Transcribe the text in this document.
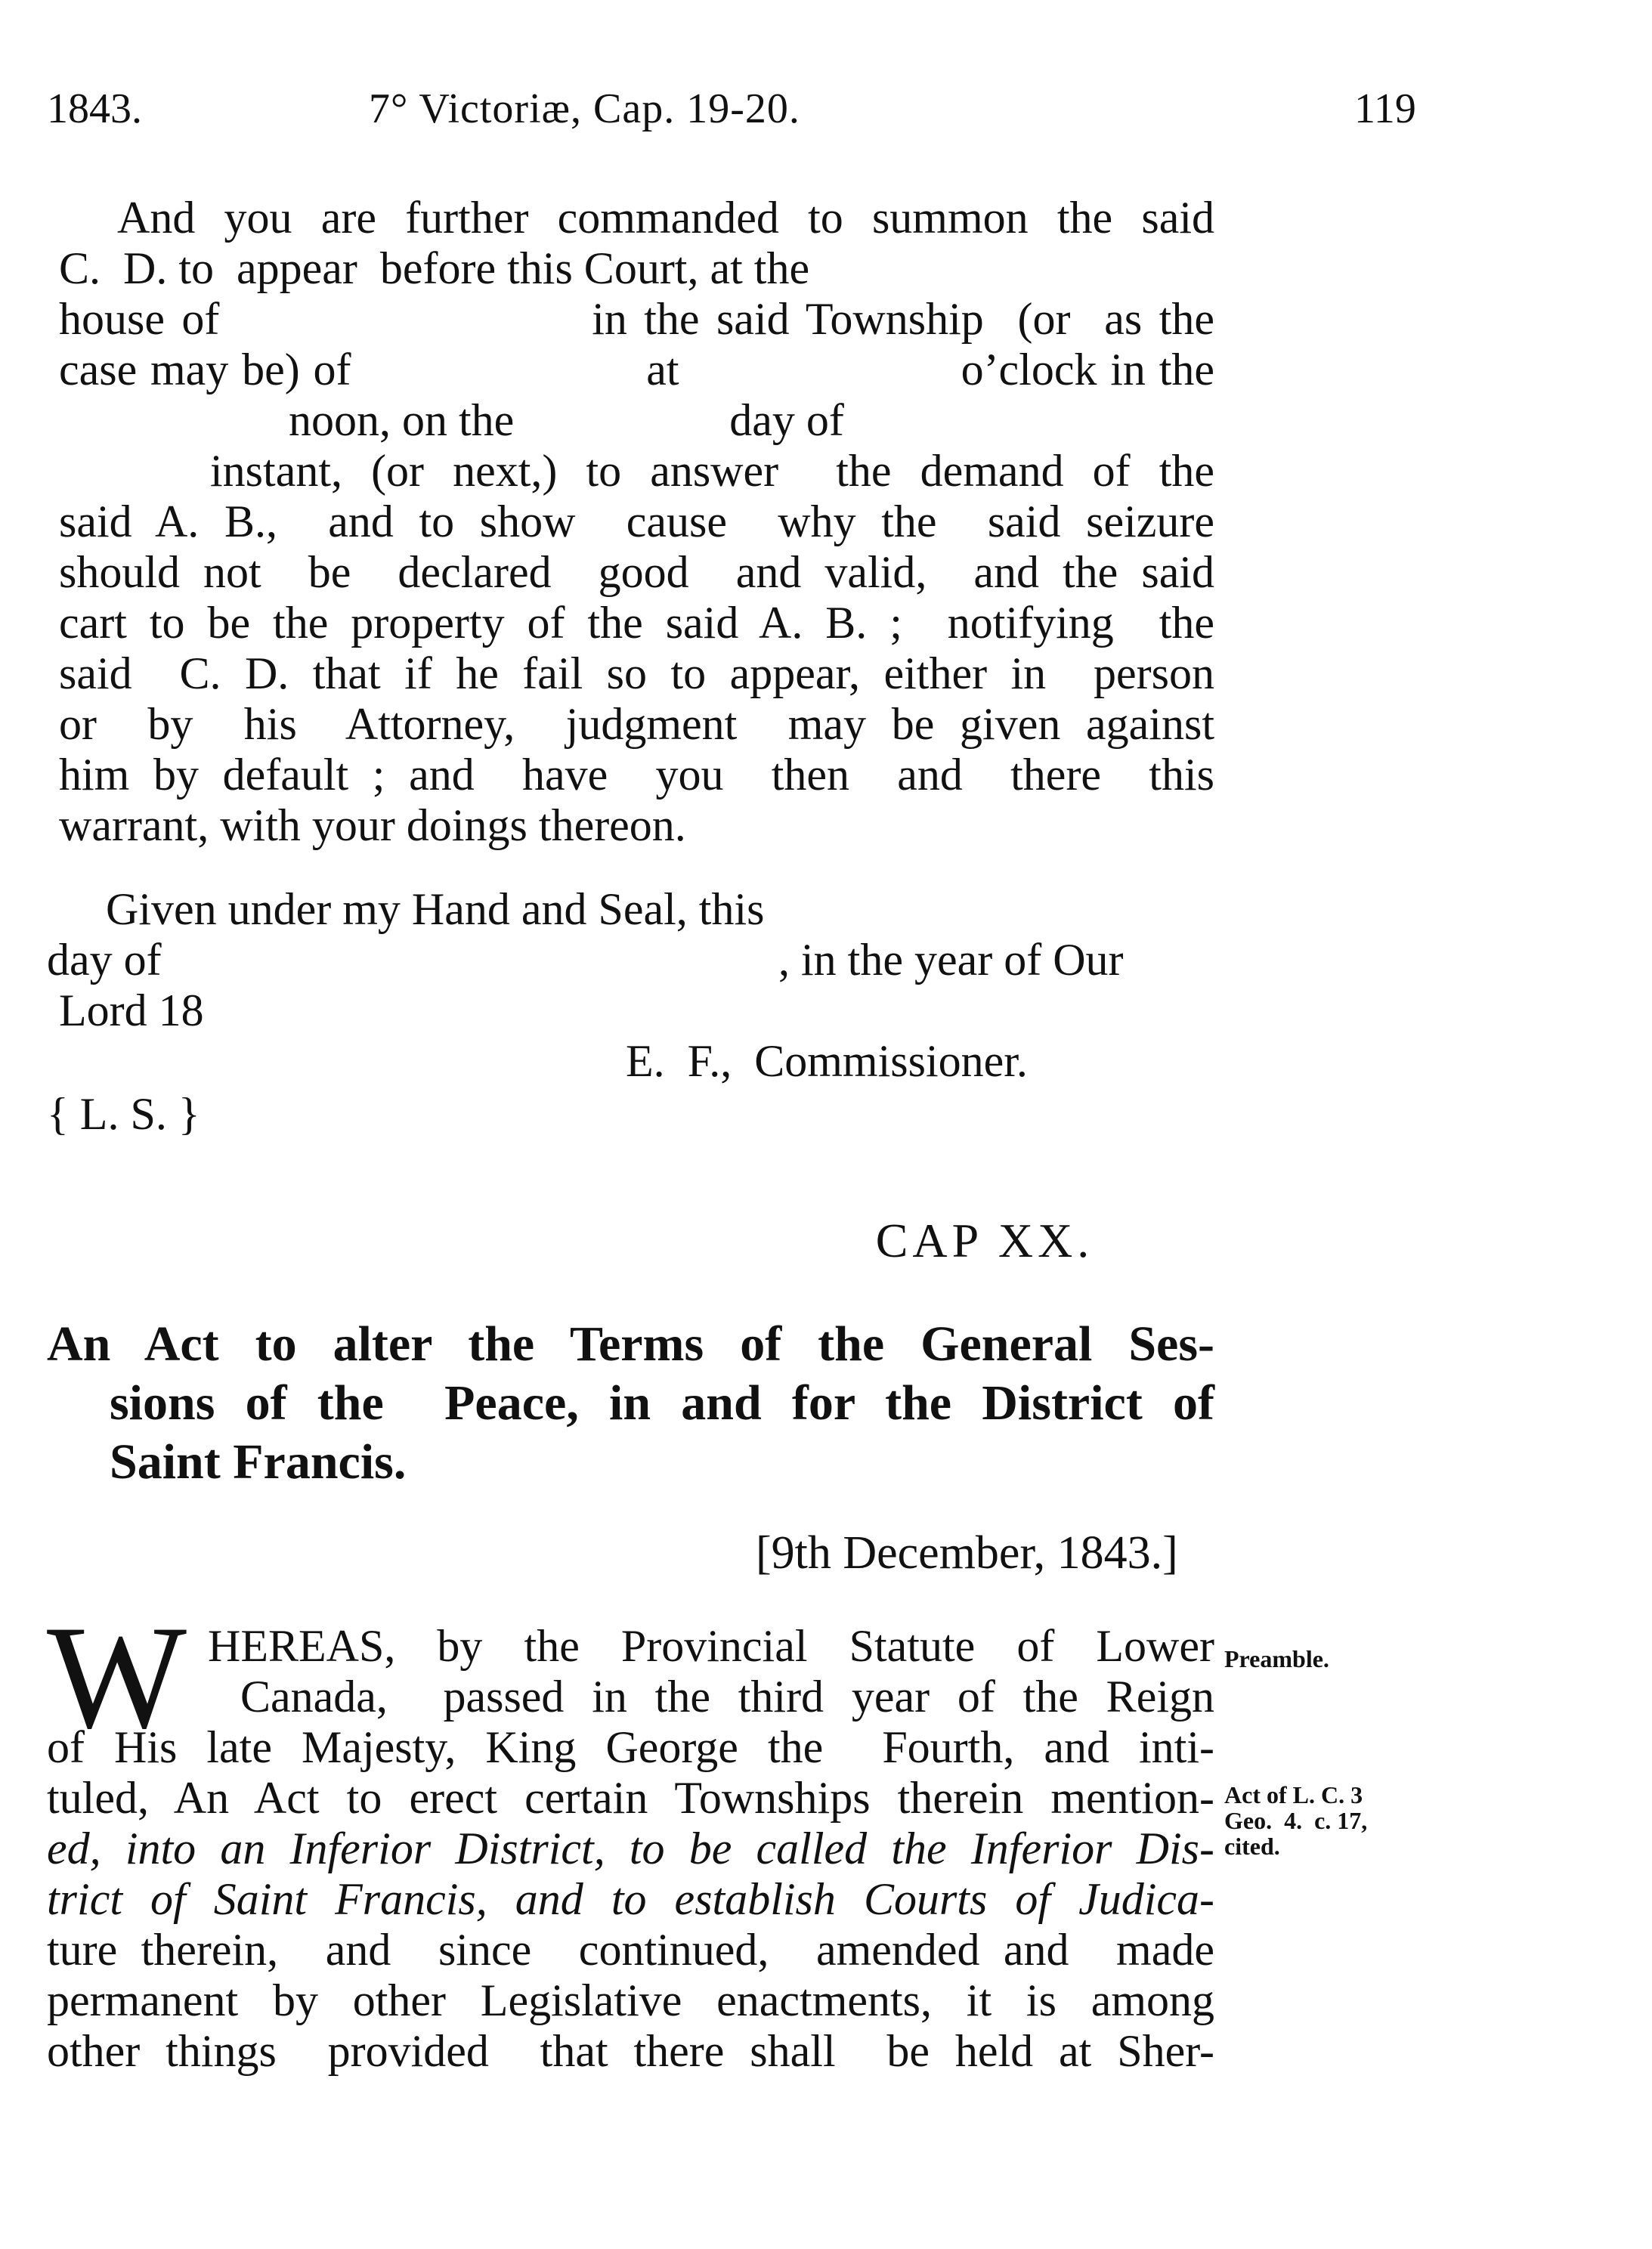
1843.	7° Victoriæ, Cap. 19-20.	119
And you are further commanded to summon the said
C.  D. to  appear  before this Court, at the
house of                      in the said Township  (or  as the
case may be) of                      at                     o’clock in the
noon, on the                   day of
instant, (or next,) to answer  the demand of the
said A. B.,  and to show  cause  why the  said seizure
should not  be  declared  good  and valid,  and the said
cart to be the property of the said A. B. ;  notifying  the
said  C. D. that if he fail so to appear, either in  person
or  by  his  Attorney,  judgment  may be given against
him by default ; and  have  you  then  and  there  this
warrant, with your doings thereon.
Given under my Hand and Seal, this
day of	, in the year of Our
Lord 18
E.  F.,  Commissioner.
{ L. S. }
CAP XX.
An Act to alter the Terms of the General Ses-
sions of the  Peace, in and for the District of
Saint Francis.
[9th December, 1843.]
W HEREAS, by the Provincial Statute of Lower
Canada,  passed in the third year of the Reign
of His late Majesty, King George the  Fourth, and inti-
tuled, An Act to erect certain Townships therein mention-
ed, into an Inferior District, to be called the Inferior Dis-
trict of Saint Francis, and to establish Courts of Judica-
ture therein,  and  since  continued,  amended and  made
permanent by other Legislative enactments, it is among
other things  provided  that there shall  be held at Sher-
Preamble.
Act of L. C. 3
Geo.  4.  c. 17,
cited.
